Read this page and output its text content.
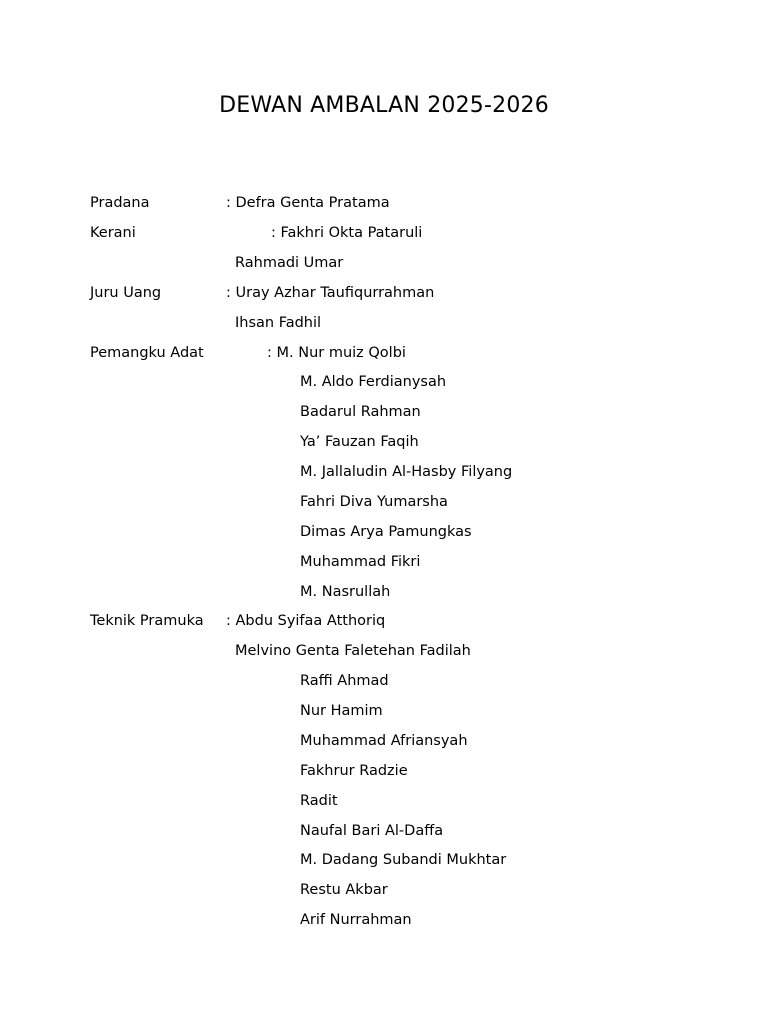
DEWAN AMBALAN 2025-2026
Pradana	: Defra Genta Pratama
Kerani	: Fakhri Okta Pataruli
Rahmadi Umar
Juru Uang	: Uray Azhar Taufiqurrahman
Ihsan Fadhil
Pemangku Adat	: M. Nur muiz Qolbi
M. Aldo Ferdianysah
Badarul Rahman
Ya’ Fauzan Faqih
M. Jallaludin Al-Hasby Filyang
Fahri Diva Yumarsha
Dimas Arya Pamungkas
Muhammad Fikri
M. Nasrullah
Teknik Pramuka : Abdu Syifaa Atthoriq
Melvino Genta Faletehan Fadilah
Raffi Ahmad
Nur Hamim
Muhammad Afriansyah
Fakhrur Radzie
Radit
Naufal Bari Al-Daffa
M. Dadang Subandi Mukhtar
Restu Akbar
Arif Nurrahman
